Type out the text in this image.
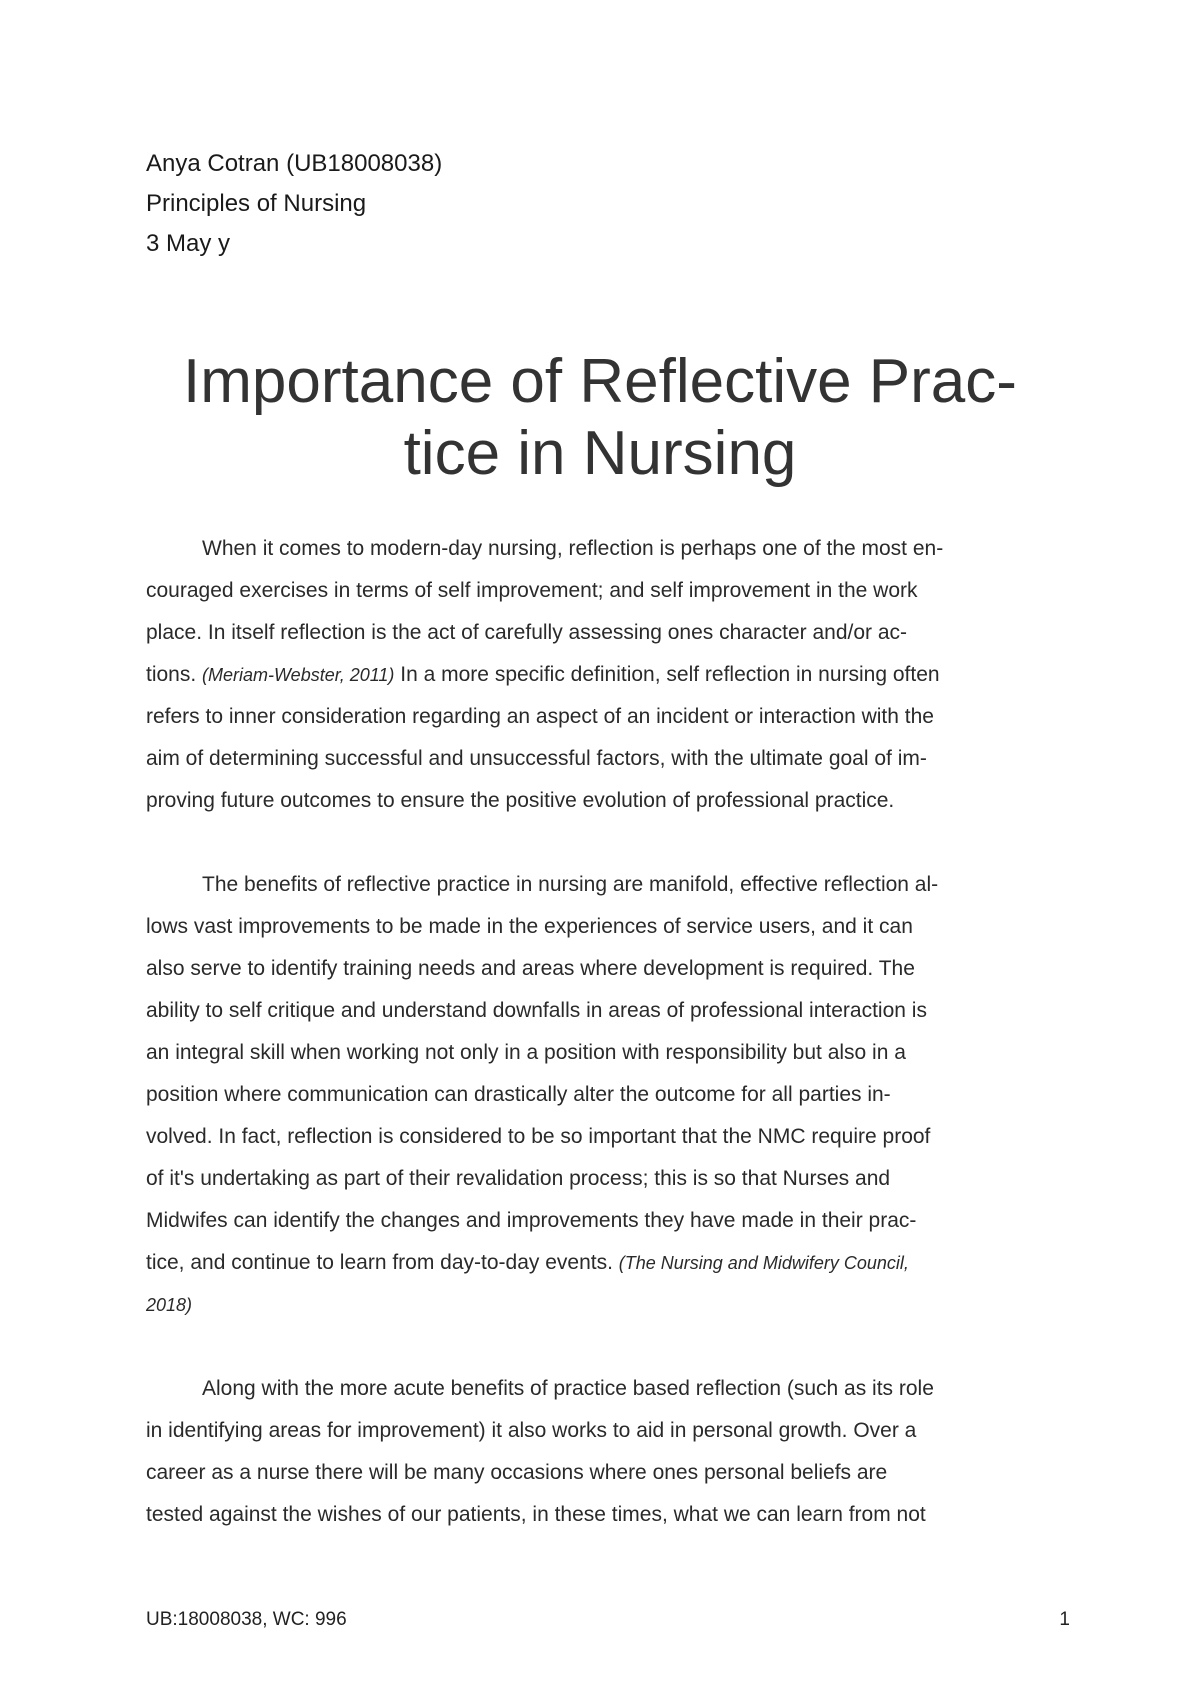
Anya Cotran (UB18008038)
Principles of Nursing
3 May y
Importance of Reflective Prac-
tice in Nursing

When it comes to modern-day nursing, reflection is perhaps one of the most en-
couraged exercises in terms of self improvement; and self improvement in the work
place. In itself reflection is the act of carefully assessing ones character and/or ac-
tions. (Meriam-Webster, 2011) In a more specific definition, self reflection in nursing often
refers to inner consideration regarding an aspect of an incident or interaction with the
aim of determining successful and unsuccessful factors, with the ultimate goal of im-
proving future outcomes to ensure the positive evolution of professional practice.

The benefits of reflective practice in nursing are manifold, effective reflection al-
lows vast improvements to be made in the experiences of service users, and it can
also serve to identify training needs and areas where development is required. The
ability to self critique and understand downfalls in areas of professional interaction is
an integral skill when working not only in a position with responsibility but also in a
position where communication can drastically alter the outcome for all parties in-
volved. In fact, reflection is considered to be so important that the NMC require proof
of it's undertaking as part of their revalidation process; this is so that Nurses and
Midwifes can identify the changes and improvements they have made in their prac-
tice, and continue to learn from day-to-day events. (The Nursing and Midwifery Council,
2018)

Along with the more acute benefits of practice based reflection (such as its role
in identifying areas for improvement) it also works to aid in personal growth. Over a
career as a nurse there will be many occasions where ones personal beliefs are
tested against the wishes of our patients, in these times, what we can learn from not

UB:18008038, WC: 996	1
